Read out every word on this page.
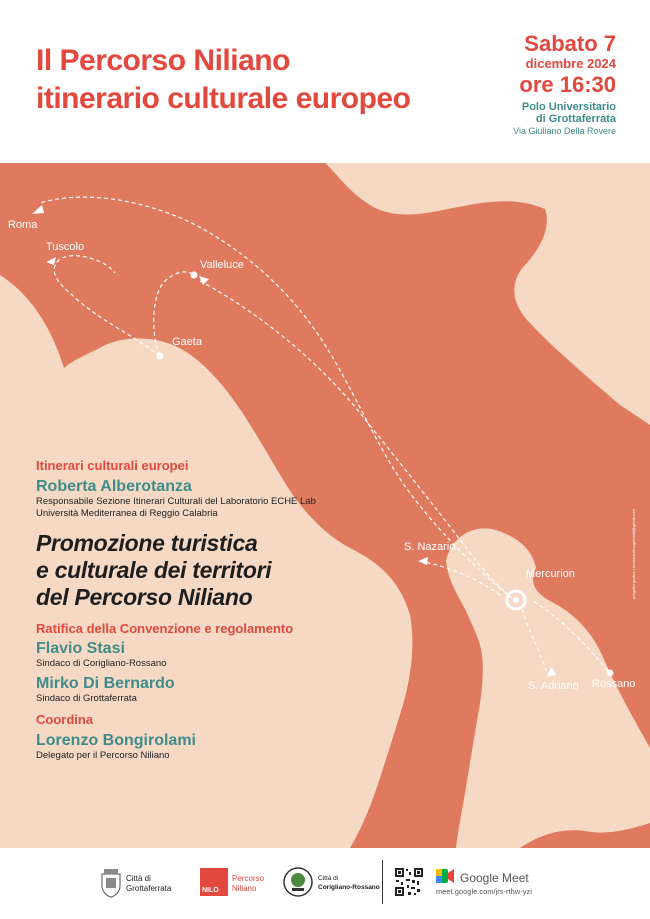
Il Percorso Niliano
itinerario culturale europeo
Sabato 7
dicembre 2024
ore 16:30
Polo Universitario
di Grottaferrata
Via Giuliano Della Rovere
Roma
Tuscolo
Valleluce
Gaeta
S. Nazario
Mercurion
S. Adriano Rossano
progetto grafico | mariacristinagrimaldi@gmail.com
Itinerari culturali europei
Roberta Alberotanza
Responsabile Sezione Itinerari Culturali del Laboratorio ECHE Lab
Università Mediterranea di Reggio Calabria
Promozione turistica
e culturale dei territori
del Percorso Niliano
Ratifica della Convenzione e regolamento
Flavio Stasi
Sindaco di Corigliano-Rossano
Mirko Di Bernardo
Sindaco di Grottaferrata
Coordina
Lorenzo Bongirolami
Delegato per il Percorso Niliano
Città di
Grottaferrata	NILO
Percorso
Niliano
Città di
Corigliano-Rossano
Google Meet
meet.google.com/jrs-rthw-yzi
